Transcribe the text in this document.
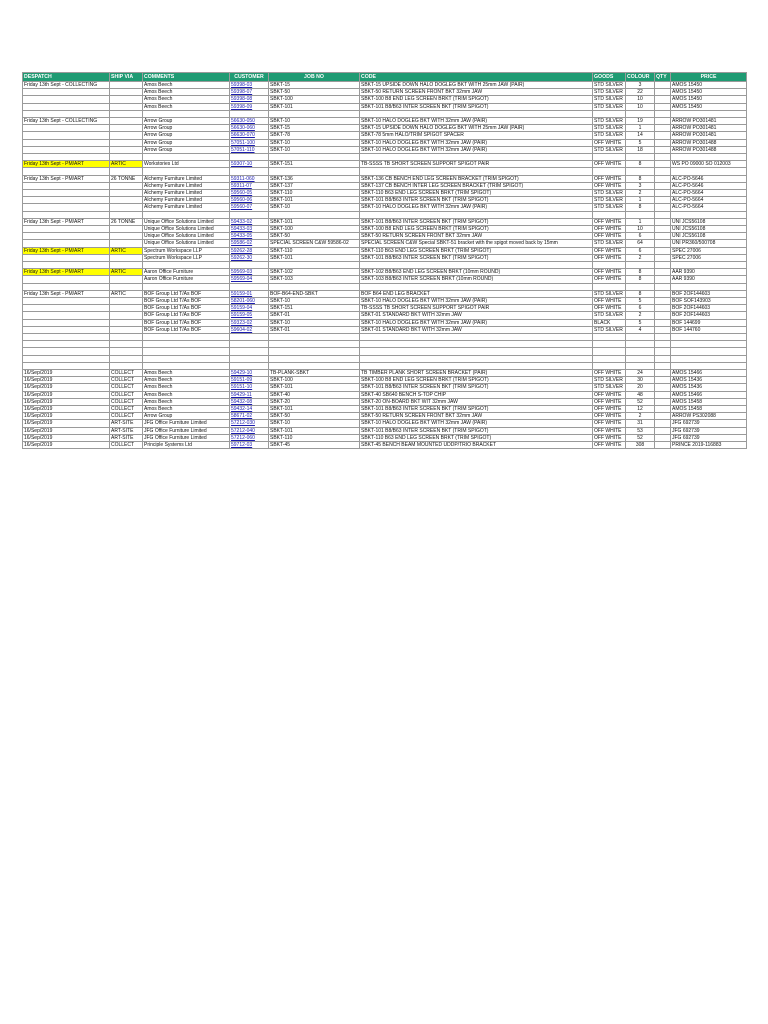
DESPATCH	SHIP VIA	COMMENTS	CUSTOMER	JOB NO	CODE	GOODS	COLOUR	QTY	PRICE
Friday 13th Sept - COLLECTING		Amos Beech	59398-03	SBKT-15	SBKT-15 UPSIDE DOWN HALO DOGLEG BKT WITH 25mm JAW (PAIR)	STD SILVER	3		AMOS 15450
		Amos Beech	59398-07	SBKT-50	SBKT-50 RETURN SCREEN FRONT BKT 32mm JAW	STD SILVER	22		AMOS 15450
		Amos Beech	59398-08	SBKT-100	SBKT-100 B8 END LEG SCREEN BRKT (TRIM SPIGOT)	STD SILVER	10		AMOS 15450
		Amos Beech	59398-09	SBKT-101	SBKT-101 B8/B63 INTER SCREEN BKT (TRIM SPIGOT)	STD SILVER	10		AMOS 15450

Friday 13th Sept - COLLECTING		Arrow Group	56630-050	SBKT-10	SBKT-10 HALO DOGLEG BKT WITH 32mm JAW (PAIR)	STD SILVER	19		ARROW PO301481
		Arrow Group	56630-060	SBKT-15	SBKT-15 UPSIDE DOWN HALO DOGLEG BKT WITH 25mm JAW (PAIR)	STD SILVER	1		ARROW PO301481
		Arrow Group	56630-070	SBKT-78	SBKT-78 5mm HALO/TRIM SPIGOT SPACER	STD SILVER	14		ARROW PO301481
		Arrow Group	57051-100	SBKT-10	SBKT-10 HALO DOGLEG BKT WITH 32mm JAW (PAIR)	OFF WHITE	5		ARROW PO301488
		Arrow Group	57051-110	SBKT-10	SBKT-10 HALO DOGLEG BKT WITH 32mm JAW (PAIR)	STD SILVER	18		ARROW PO301488

Friday 13th Sept - PM/ART	ARTIC	Workstories Ltd	59307-10	SBKT-151	TB-SSSS TB SHORT SCREEN SUPPORT SPIGOT PAIR	OFF WHITE	8		WS PO 09000 SO 012003

Friday 13th Sept - PM/ART	26 TONNE	Alchemy Furniture Limited	59311-060	SBKT-136	SBKT-136 CB BENCH END LEG SCREEN BRACKET (TRIM SPIGOT)	OFF WHITE	8		ALC-PO-5646
		Alchemy Furniture Limited	59311-07	SBKT-137	SBKT-137 CB BENCH INTER LEG SCREEN BRACKET (TRIM SPIGOT)	OFF WHITE	3		ALC-PO-5646
		Alchemy Furniture Limited	59560-05	SBKT-110	SBKT-110 B63 END LEG SCREEN BRKT (TRIM SPIGOT)	STD SILVER	2		ALC-PO-5664
		Alchemy Furniture Limited	59560-06	SBKT-101	SBKT-101 B8/B63 INTER SCREEN BKT (TRIM SPIGOT)	STD SILVER	1		ALC-PO-5664
		Alchemy Furniture Limited	59560-07	SBKT-10	SBKT-10 HALO DOGLEG BKT WITH 32mm JAW (PAIR)	STD SILVER	8		ALC-PO-5664

Friday 13th Sept - PM/ART	26 TONNE	Unique Office Solutions Limited	59433-02	SBKT-101	SBKT-101 B8/B63 INTER SCREEN BKT (TRIM SPIGOT)	OFF WHITE	1		UNI JCS56108
		Unique Office Solutions Limited	59433-03	SBKT-100	SBKT-100 B8 END LEG SCREEN BRKT (TRIM SPIGOT)	OFF WHITE	10		UNI JCS56108
		Unique Office Solutions Limited	59433-05	SBKT-50	SBKT-50 RETURN SCREEN FRONT BKT 32mm JAW	OFF WHITE	6		UNI JCS56108
		Unique Office Solutions Limited	59586-02	SPECIAL SCREEN C&W 59586-02	SPECIAL SCREEN C&W Special SBKT-51 bracket with the spigot moved back by 15mm	STD SILVER	64		UNI PR360/500708
Friday 13th Sept - PM/ART	ARTIC	Spectrum Workspace LLP	59262-28	SBKT-110	SBKT-110 B63 END LEG SCREEN BRKT (TRIM SPIGOT)	OFF WHITE	6		SPEC 27006
		Spectrum Workspace LLP	59262-30	SBKT-101	SBKT-101 B8/B63 INTER SCREEN BKT (TRIM SPIGOT)	OFF WHITE	2		SPEC 27006

Friday 13th Sept - PM/ART	ARTIC	Aaron Office Furniture	59569-03	SBKT-102	SBKT-102 B8/B63 END LEG SCREEN BRKT (10mm ROUND)	OFF WHITE	8		AAR 9390
		Aaron Office Furniture	59569-04	SBKT-103	SBKT-103 B8/B63 INTER SCREEN BRKT (10mm ROUND)	OFF WHITE	8		AAR 9390

Friday 13th Sept - PM/ART	ARTIC	BOF Group Ltd T/As BOF	59159-01	BOF-B64-END-SBKT	BOF B64 END LEG BRACKET	STD SILVER	8		BOF 2OF144603
		BOF Group Ltd T/As BOF	58201-060	SBKT-10	SBKT-10 HALO DOGLEG BKT WITH 32mm JAW (PAIR)	OFF WHITE	5		BOF SOF143903
		BOF Group Ltd T/As BOF	59159-04	SBKT-151	TB-SSSS TB SHORT SCREEN SUPPORT SPIGOT PAIR	OFF WHITE	6		BOF 2OF144603
		BOF Group Ltd T/As BOF	59159-05	SBKT-01	SBKT-01 STANDARD BKT WITH 32mm JAW	STD SILVER	2		BOF 2OF144603
		BOF Group Ltd T/As BOF	59323-02	SBKT-10	SBKT-10 HALO DOGLEG BKT WITH 32mm JAW (PAIR)	BLACK	5		BOF 144699
		BOF Group Ltd T/As BOF	59604-02	SBKT-01	SBKT-01 STANDARD BKT WITH 32mm JAW	STD SILVER	4		BOF 144760

16/Sep/2019	COLLECT	Amos Beech	59429-10	TB-PLANK-SBKT	TB TIMBER PLANK SHORT SCREEN BRACKET (PAIR)	OFF WHITE	24		AMOS 15466
16/Sep/2019	COLLECT	Amos Beech	59151-09	SBKT-100	SBKT-100 B8 END LEG SCREEN BRKT (TRIM SPIGOT)	STD SILVER	30		AMOS 15436
16/Sep/2019	COLLECT	Amos Beech	59151-10	SBKT-101	SBKT-101 B8/B63 INTER SCREEN BKT (TRIM SPIGOT)	STD SILVER	20		AMOS 15436
16/Sep/2019	COLLECT	Amos Beech	59429-11	SBKT-40	SBKT-40 SB640 BENCH S-TOP CHIP	OFF WHITE	48		AMOS 15466
16/Sep/2019	COLLECT	Amos Beech	59432-08	SBKT-20	SBKT-20 ON-BOARD BKT WIT 32mm JAW	OFF WHITE	52		AMOS 15458
16/Sep/2019	COLLECT	Amos Beech	59432-14	SBKT-101	SBKT-101 B8/B63 INTER SCREEN BKT (TRIM SPIGOT)	OFF WHITE	12		AMOS 15458
16/Sep/2019	COLLECT	Arrow Group	58671-02	SBKT-50	SBKT-50 RETURN SCREEN FRONT BKT 32mm JAW	OFF WHITE	2		ARROW PS302088
16/Sep/2019	ART-SITE	JFG Office Furniture Limited	57212-030	SBKT-10	SBKT-10 HALO DOGLEG BKT WITH 32mm JAW (PAIR)	OFF WHITE	31		JFG 692739
16/Sep/2019	ART-SITE	JFG Office Furniture Limited	57212-040	SBKT-101	SBKT-101 B8/B63 INTER SCREEN BKT (TRIM SPIGOT)	OFF WHITE	53		JFG 692739
16/Sep/2019	ART-SITE	JFG Office Furniture Limited	57212-060	SBKT-110	SBKT-110 B63 END LEG SCREEN BRKT (TRIM SPIGOT)	OFF WHITE	52		JFG 692739
16/Sep/2019	COLLECT	Principle Systems Ltd	59712-03	SBKT-45	SBKT-45 BENCH BEAM MOUNTED UDDP/TRIO BRACKET	OFF WHITE	308		PRINCE 2019-116883
